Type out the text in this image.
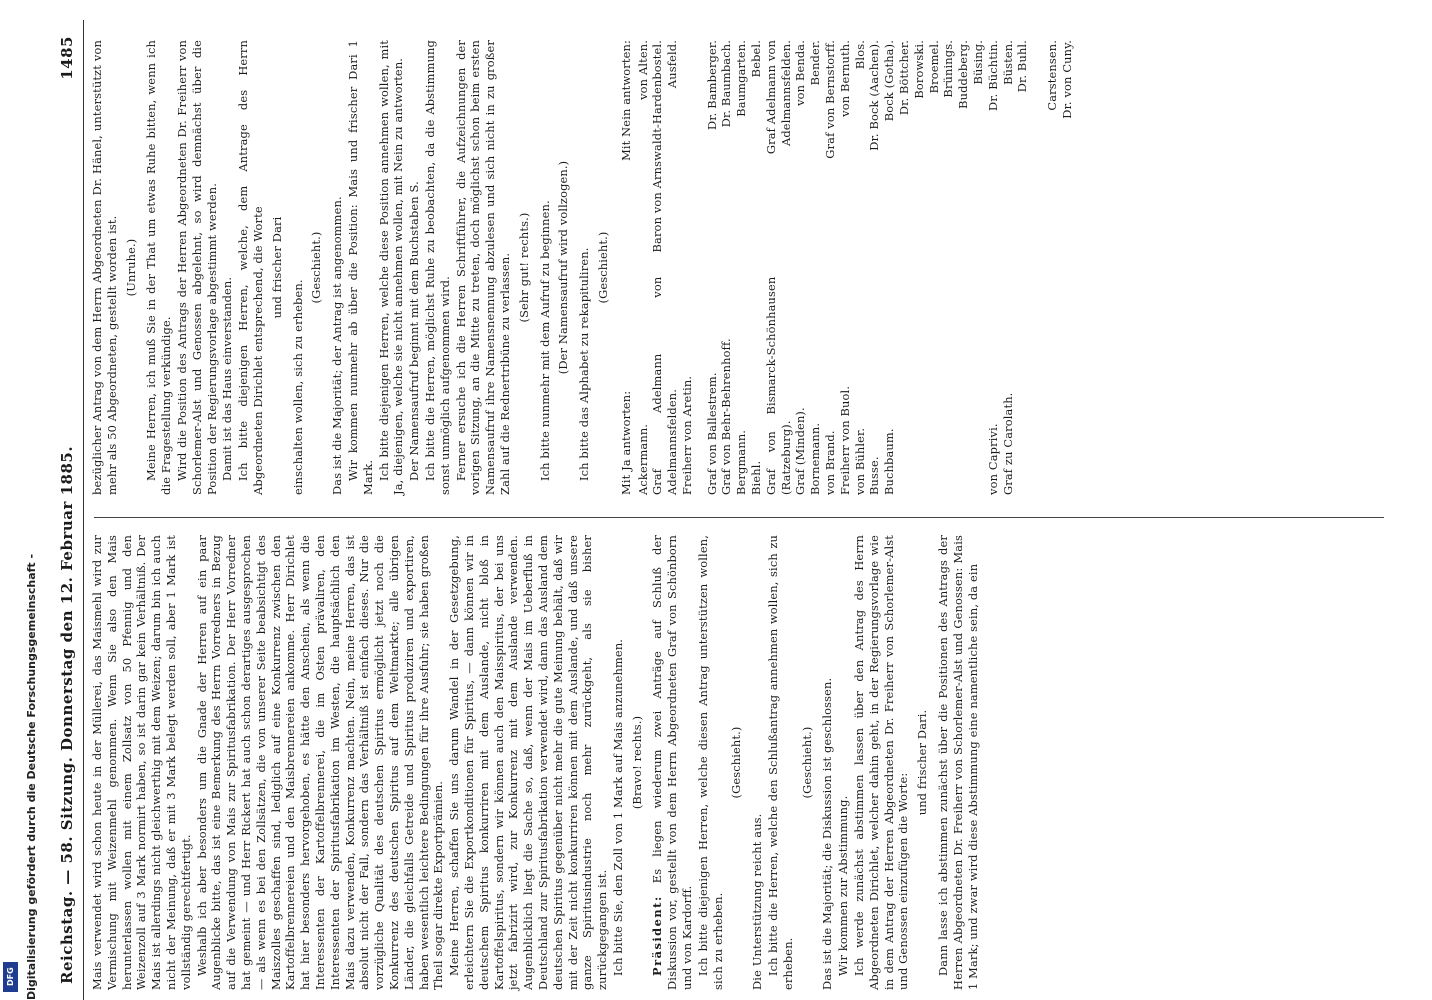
Reichstag. — 58. Sitzung. Donnerstag den 12. Februar 1885.
1485

Mais verwendet wird schon heute in der Müllerei, das Maismehl wird zur Vermischung mit Weizenmehl genommen. Wenn Sie also den Mais herunterlassen wollen mit einem Zollsatz von 50 Pfennig und den Weizenzoll auf 3 Mark normirt haben, so ist darin gar kein Verhältniß. Der Mais ist allerdings nicht gleichwerthig mit dem Weizen; darum bin ich auch nicht der Meinung, daß er mit 3 Mark belegt werden soll, aber 1 Mark ist vollständig gerechtfertigt. Weshalb ich aber besonders um die Gnade der Herren auf ein paar Augenblicke bitte, das ist eine Bemerkung des Herrn Vorredners in Bezug auf die Verwendung von Mais zur Spiritusfabrikation. Der Herr Vorredner hat gemeint — und Herr Rickert hat auch schon derartiges ausgesprochen — als wenn es bei den Zollsätzen, die von unserer Seite beabsichtigt des Maiszolles geschaffen sind, lediglich auf eine Konkurrenz zwischen den Kartoffelbrennereien und den Maisbrennereien ankomme. Herr Dirichlet hat hier besonders hervorgehoben, es hätte den Anschein, als wenn die Interessenten der Kartoffelbrennerei, die im Osten prävaliren, den Interessenten der Spiritusfabrikation im Westen, die hauptsächlich den Mais dazu verwenden, Konkurrenz machten. Nein, meine Herren, das ist absolut nicht der Fall, sondern das Verhältniß ist einfach dieses. Nur die vorzügliche Qualität des deutschen Spiritus ermöglicht jetzt noch die Konkurrenz des deutschen Spiritus auf dem Weltmarkte; alle übrigen Länder, die gleichfalls Getreide und Spiritus produziren und exportiren, haben wesentlich leichtere Bedingungen für ihre Ausfuhr; sie haben großen Theil sogar direkte Exportprämien. Meine Herren, schaffen Sie uns darum Wandel in der Gesetzgebung, erleichtern Sie die Exportkonditionen für Spiritus, — dann können wir in deutschem Spiritus konkurriren mit dem Auslande, nicht bloß in Kartoffelspiritus, sondern wir können auch den Maisspiritus, der bei uns jetzt fabrizirt wird, zur Konkurrenz mit dem Auslande verwenden. Augenblicklich liegt die Sache so, daß, wenn der Mais im Ueberfluß in Deutschland zur Spiritusfabrikation verwendet wird, dann das Ausland dem deutschen Spiritus gegenüber nicht mehr die gute Meinung behält, daß wir mit der Zeit nicht konkurriren können mit dem Auslande, und daß unsere ganze Spiritusindustrie noch mehr zurückgeht, als sie bisher zurückgegangen ist. Ich bitte Sie, den Zoll von 1 Mark auf Mais anzunehmen. (Bravo! rechts.)

Präsident: Es liegen wiederum zwei Anträge auf Schluß der Diskussion vor, gestellt von dem Herrn Abgeordneten Graf von Schönborn und von Kardorff. Ich bitte diejenigen Herren, welche diesen Antrag unterstützen wollen, sich zu erheben.

(Geschieht.)

Die Unterstützung reicht aus. Ich bitte die Herren, welche den Schlußantrag annehmen wollen, sich zu erheben.

(Geschieht.) Das ist die Majorität; die Diskussion ist geschlossen. Wir kommen zur Abstimmung. Ich werde zunächst abstimmen lassen über den Antrag des Herrn Abgeordneten Dirichlet, welcher dahin geht, in der Regierungsvorlage wie in dem Antrag der Herren Abgeordneten Dr. Freiherr von Schorlemer-Alst und Genossen einzufügen die Worte:

und frischer Dari. Dann lasse ich abstimmen zunächst über die Positionen des Antrags der Herren Abgeordneten Dr. Freiherr von Schorlemer-Alst und Genossen: Mais 1 Mark; und zwar wird diese Abstimmung eine namentliche sein, da ein

bezüglicher Antrag von dem Herrn Abgeordneten Dr. Hänel, unterstützt von mehr als 50 Abgeordneten, gestellt worden ist. (Unruhe.) Meine Herren, ich muß Sie in der That um etwas Ruhe bitten, wenn ich die Fragestellung verkündige. Wird die Position des Antrags der Herren Abgeordneten Dr. Freiherr von Schorlemer-Alst und Genossen abgelehnt, so wird demnächst über die Position der Regierungsvorlage abgestimmt werden. Damit ist das Haus einverstanden. Ich bitte diejenigen Herren, welche, dem Antrage des Herrn Abgeordneten Dirichlet entsprechend, die Worte und frischer Dari

einschalten wollen, sich zu erheben.

(Geschieht.) Das ist die Majorität; der Antrag ist angenommen. Wir kommen nunmehr ab über die Position: Mais und frischer Dari 1 Mark. Ich bitte diejenigen Herren, welche diese Position annehmen wollen, mit Ja, diejenigen, welche sie nicht annehmen wollen, mit Nein zu antworten. Der Namensaufruf beginnt mit dem Buchstaben S. Ich bitte die Herren, möglichst Ruhe zu beobachten, da die Abstimmung sonst unmöglich aufgenommen wird. Ferner ersuche ich die Herren Schriftführer, die Aufzeichnungen der vorigen Sitzung, an die Mitte zu treten, doch möglichst schon beim ersten Namensaufruf ihre Namensnennung abzulesen und sich nicht in zu großer Zahl auf die Rednertribüne zu verlassen. (Sehr gut! rechts.) Ich bitte nunmehr mit dem Aufruf zu beginnen. (Der Namensaufruf wird vollzogen.) Ich bitte das Alphabet zu rekapituliren. (Geschieht.)

Mit Ja antworten:
Mit Nein antworten:
Ackermann. Graf Adelmann von Adelmannsfelden. Freiherr von Aretin.
von Alten. Baron von Arnswaldt-Hardenbostel. Ausfeld.
Graf von Ballestrem. Graf von Behr-Behrenhoff. Bergmann. Biehl. Graf von Bismarck-Schönhausen (Ratzeburg). Graf (Minden). Bornemann. von Brand. Freiherr von Buol. von Bühler. Busse. Buchbaum.

	von Caprivi. Graf zu Carolath.
Dr. Bamberger. Dr. Baumbach. Baumgarten. Bebel. Graf Adelmann von Adelmannsfelden. von Benda. Bender. Graf von Bernstorff. von Bernuth. Blos. Dr. Bock (Aachen). Bock (Gotha). Dr. Böttcher. Borowski. Broemel. Brünings. Buddeberg. Büsing. Dr. Büchtin. Büsten. Dr. Buhl.
Carstensen. Dr. von Cuny.
Digitalisierung gefördert durch die Deutsche Forschungsgemeinschaft -
DFG
